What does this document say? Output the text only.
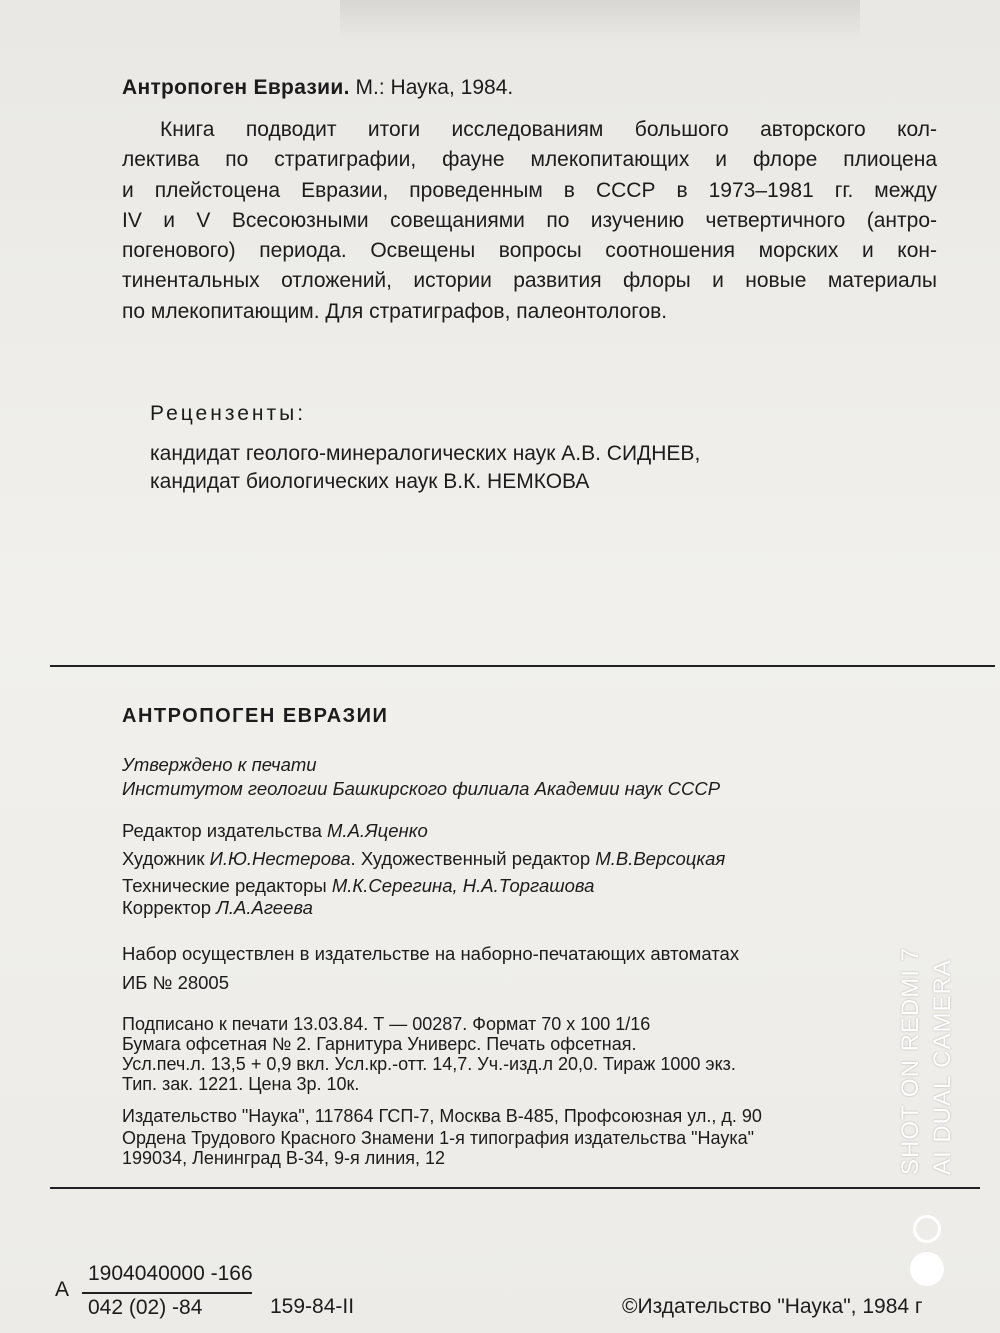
Антропоген Евразии. М.: Наука, 1984.

Книга подводит итоги исследованиям большого авторского кол-
лектива по стратиграфии, фауне млекопитающих и флоре плиоцена
и плейстоцена Евразии, проведенным в СССР в 1973–1981 гг. между
IV и V Всесоюзными совещаниями по изучению четвертичного (антро-
погенового) периода. Освещены вопросы соотношения морских и кон-
тинентальных отложений, истории развития флоры и новые материалы
по млекопитающим. Для стратиграфов, палеонтологов.

Рецензенты:

кандидат геолого-минералогических наук А.В. СИДНЕВ,

кандидат биологических наук В.К. НЕМКОВА

АНТРОПОГЕН ЕВРАЗИИ

Утверждено к печати

Институтом геологии Башкирского филиала Академии наук СССР

Редактор издательства М.А.Яценко

Художник И.Ю.Нестерова. Художественный редактор М.В.Версоцкая

Технические редакторы М.К.Серегина, Н.А.Торгашова

Корректор Л.А.Агеева

Набор осуществлен в издательстве на наборно-печатающих автоматах

ИБ № 28005

Подписано к печати 13.03.84. Т — 00287. Формат 70 х 100 1/16

Бумага офсетная № 2. Гарнитура Универс. Печать офсетная.

Усл.печ.л. 13,5 + 0,9 вкл. Усл.кр.-отт. 14,7. Уч.-изд.л 20,0. Тираж 1000 экз.

Тип. зак. 1221. Цена 3р. 10к.

Издательство "Наука", 117864 ГСП-7, Москва В-485, Профсоюзная ул., д. 90

Ордена Трудового Красного Знамени 1-я типография издательства "Наука"

199034, Ленинград В-34, 9-я линия, 12

А

1904040000 -166

042 (02) -84	159-84-II	©Издательство "Наука", 1984 г

SHOT ON REDMI 7 AI DUAL CAMERA
